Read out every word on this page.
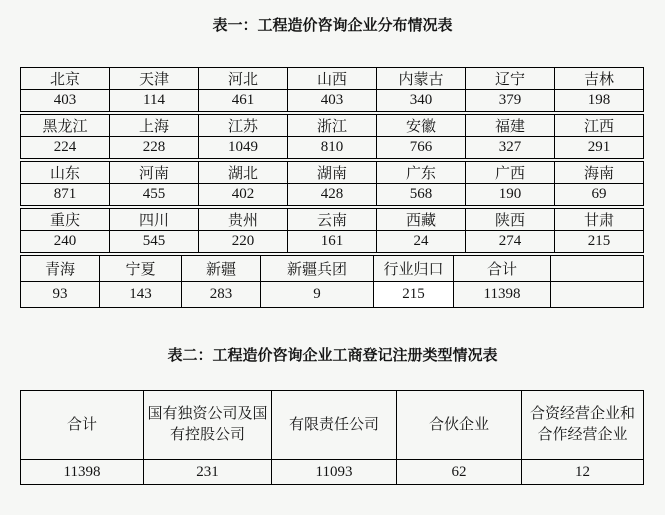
表一：工程造价咨询企业分布情况表
北京	天津	河北	山西	内蒙古	辽宁	吉林
403	114	461	403	340	379	198
黑龙江	上海	江苏	浙江	安徽	福建	江西
224	228	1049	810	766	327	291
山东	河南	湖北	湖南	广东	广西	海南
871	455	402	428	568	190	69
重庆	四川	贵州	云南	西藏	陕西	甘肃
240	545	220	161	24	274	215
青海	宁夏	新疆	新疆兵团	行业归口	合计	
93	143	283	9	215	11398	
表二：工程造价咨询企业工商登记注册类型情况表
合计	国有独资公司及国有控股公司	有限责任公司	合伙企业	合资经营企业和合作经营企业
11398	231	11093	62	12
